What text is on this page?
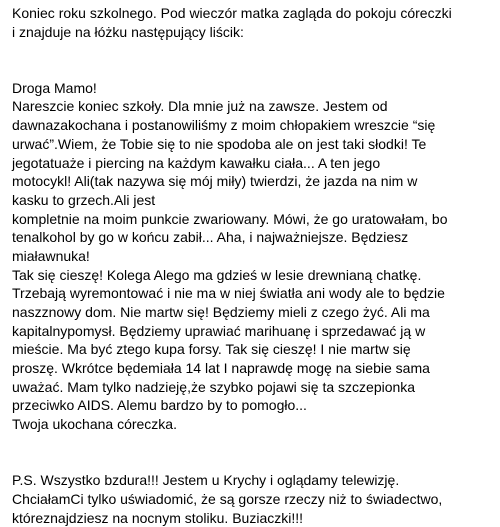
Koniec roku szkolnego. Pod wieczór matka zagląda do pokoju córeczki
i znajduje na łóżku następujący liścik:
Droga Mamo!
Nareszcie koniec szkoły. Dla mnie już na zawsze. Jestem od
dawnazakochana i postanowiliśmy z moim chłopakiem wreszcie “się
urwać”.Wiem, że Tobie się to nie spodoba ale on jest taki słodki! Te
jegotatuaże i piercing na każdym kawałku ciała... A ten jego
motocykl! Ali(tak nazywa się mój miły) twierdzi, że jazda na nim w
kasku to grzech.Ali jest
kompletnie na moim punkcie zwariowany. Mówi, że go uratowałam, bo
tenalkohol by go w końcu zabił... Aha, i najważniejsze. Będziesz
miaławnuka!
Tak się cieszę! Kolega Alego ma gdzieś w lesie drewnianą chatkę.
Trzebają wyremontować i nie ma w niej światła ani wody ale to będzie
naszznowy dom. Nie martw się! Będziemy mieli z czego żyć. Ali ma
kapitalnypomysł. Będziemy uprawiać marihuanę i sprzedawać ją w
mieście. Ma być ztego kupa forsy. Tak się cieszę! I nie martw się
proszę. Wkrótce będemiała 14 lat I naprawdę mogę na siebie sama
uważać. Mam tylko nadzieję,że szybko pojawi się ta szczepionka
przeciwko AIDS. Alemu bardzo by to pomogło...
Twoja ukochana córeczka.
P.S. Wszystko bzdura!!! Jestem u Krychy i oglądamy telewizję.
ChciałamCi tylko uświadomić, że są gorsze rzeczy niż to świadectwo,
któreznajdziesz na nocnym stoliku. Buziaczki!!!
